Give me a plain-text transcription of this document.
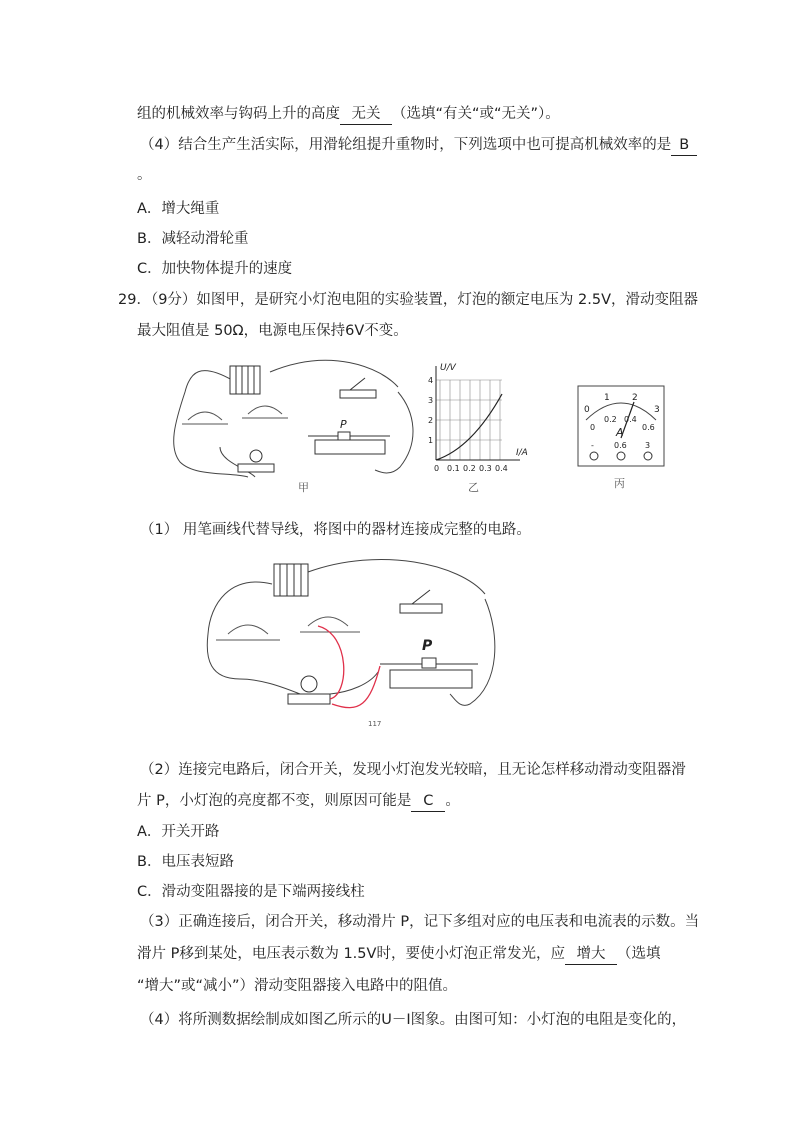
组的机械效率与钩码上升的高度 无关 （选填“有关“或“无关”）。
（4）结合生产生活实际，用滑轮组提升重物时，下列选项中也可提高机械效率的是 B
。
A．增大绳重
B．减轻动滑轮重
C．加快物体提升的速度
29．（9分）如图甲，是研究小灯泡电阻的实验装置，灯泡的额定电压为 2.5V，滑动变阻器
最大阻值是 50Ω，电源电压保持6V不变。
P
甲
U/V
I/A
1
2
3
4
0 0.1 0.2 0.3 0.4
乙
0
1 2
3
0
0.2 0.4
0.6
A
-	0.6 3
丙
（1） 用笔画线代替导线，将图中的器材连接成完整的电路。
P
117
（2）连接完电路后，闭合开关，发现小灯泡发光较暗，且无论怎样移动滑动变阻器滑
片 P，小灯泡的亮度都不变，则原因可能是 C 。
A．开关开路
B．电压表短路
C．滑动变阻器接的是下端两接线柱
（3）正确连接后，闭合开关，移动滑片 P，记下多组对应的电压表和电流表的示数。当
滑片 P移到某处，电压表示数为 1.5V时，要使小灯泡正常发光，应 增大 （选填
“增大”或“减小”）滑动变阻器接入电路中的阻值。
（4）将所测数据绘制成如图乙所示的U－I图象。由图可知：小灯泡的电阻是变化的，
